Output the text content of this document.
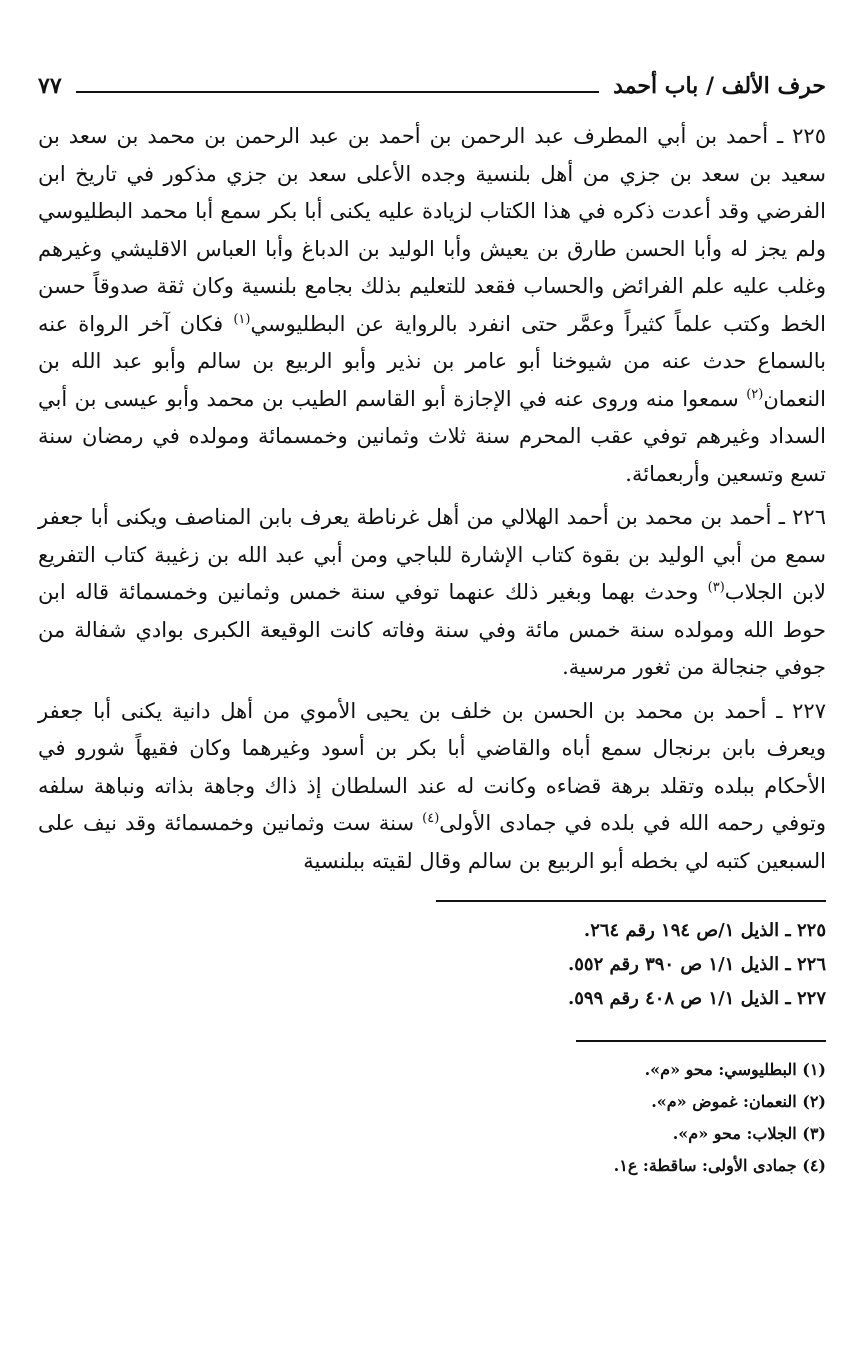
حرف الألف / باب أحمد
٧٧

٢٢٥ ـ أحمد بن أبي المطرف عبد الرحمن بن أحمد بن عبد الرحمن بن محمد بن سعد بن سعيد بن سعد بن جزي من أهل بلنسية وجده الأعلى سعد بن جزي مذكور في تاريخ ابن الفرضي وقد أعدت ذكره في هذا الكتاب لزيادة عليه يكنى أبا بكر سمع أبا محمد البطليوسي ولم يجز له وأبا الحسن طارق بن يعيش وأبا الوليد بن الدباغ وأبا العباس الاقليشي وغيرهم وغلب عليه علم الفرائض والحساب فقعد للتعليم بذلك بجامع بلنسية وكان ثقة صدوقاً حسن الخط وكتب علماً كثيراً وعمَّر حتى انفرد بالرواية عن البطليوسي$^{(١)}$ فكان آخر الرواة عنه بالسماع حدث عنه من شيوخنا أبو عامر بن نذير وأبو الربيع بن سالم وأبو عبد الله بن النعمان$^{(٢)}$ سمعوا منه وروى عنه في الإجازة أبو القاسم الطيب بن محمد وأبو عيسى بن أبي السداد وغيرهم توفي عقب المحرم سنة ثلاث وثمانين وخمسمائة ومولده في رمضان سنة تسع وتسعين وأربعمائة.

٢٢٦ ـ أحمد بن محمد بن أحمد الهلالي من أهل غرناطة يعرف بابن المناصف ويكنى أبا جعفر سمع من أبي الوليد بن بقوة كتاب الإشارة للباجي ومن أبي عبد الله بن زغيبة كتاب التفريع لابن الجلاب$^{(٣)}$ وحدث بهما وبغير ذلك عنهما توفي سنة خمس وثمانين وخمسمائة قاله ابن حوط الله ومولده سنة خمس مائة وفي سنة وفاته كانت الوقيعة الكبرى بوادي شفالة من جوفي جنجالة من ثغور مرسية.

٢٢٧ ـ أحمد بن محمد بن الحسن بن خلف بن يحيى الأموي من أهل دانية يكنى أبا جعفر ويعرف بابن برنجال سمع أباه والقاضي أبا بكر بن أسود وغيرهما وكان فقيهاً شورو في الأحكام ببلده وتقلد برهة قضاءه وكانت له عند السلطان إذ ذاك وجاهة بذاته ونباهة سلفه وتوفي رحمه الله في بلده في جمادى الأولى$^{(٤)}$ سنة ست وثمانين وخمسمائة وقد نيف على السبعين كتبه لي بخطه أبو الربيع بن سالم وقال لقيته ببلنسية

٢٢٥ ـ الذيل ١/ص ١٩٤ رقم ٢٦٤.
٢٢٦ ـ الذيل ١/١ ص ٣٩٠ رقم ٥٥٢.
٢٢٧ ـ الذيل ١/١ ص ٤٠٨ رقم ٥٩٩.
(١) البطليوسي: محو «م».
(٢) النعمان: غموض «م».
(٣) الجلاب: محو «م».
(٤) جمادى الأولى: ساقطة: ع١.
